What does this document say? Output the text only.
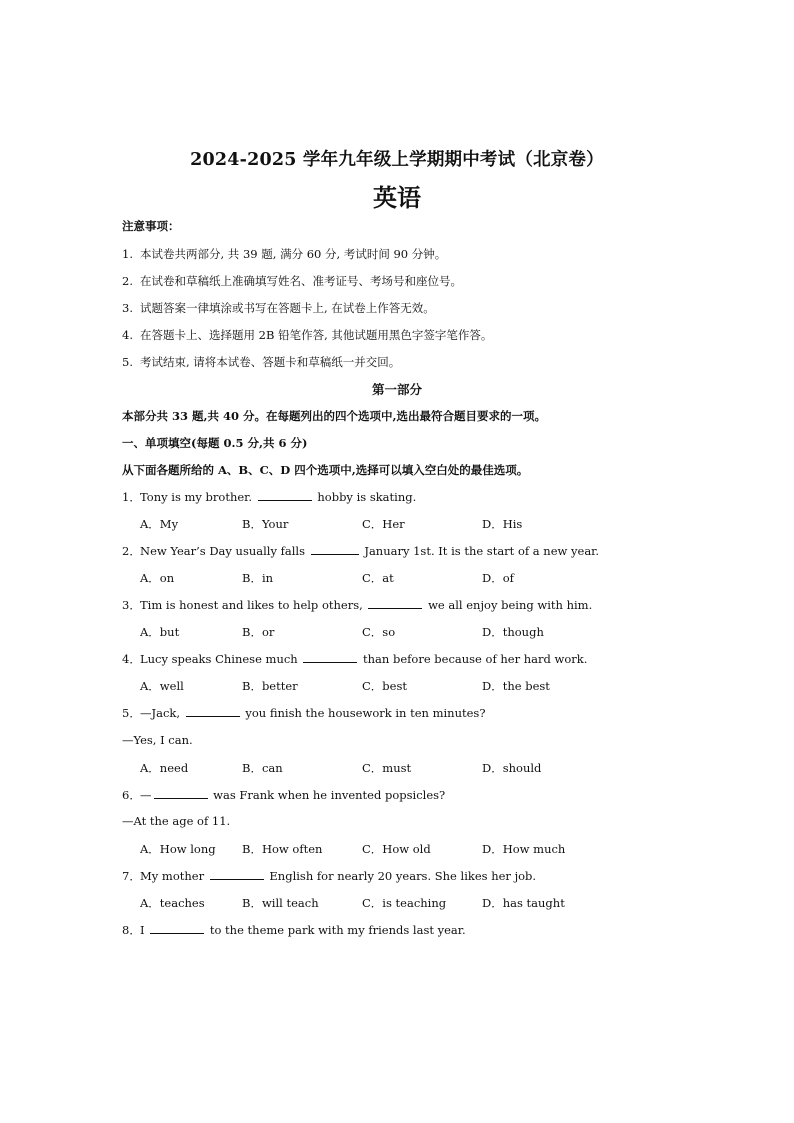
2024-2025 学年九年级上学期期中考试（北京卷）
英语
注意事项：
1. 本试卷共两部分, 共 39 题, 满分 60 分, 考试时间 90 分钟。
2. 在试卷和草稿纸上准确填写姓名、准考证号、考场号和座位号。
3. 试题答案一律填涂或书写在答题卡上, 在试卷上作答无效。
4. 在答题卡上、选择题用 2B 铅笔作答, 其他试题用黑色字签字笔作答。
5. 考试结束, 请将本试卷、答题卡和草稿纸一并交回。
第一部分
本部分共 33 题,共 40 分。在每题列出的四个选项中,选出最符合题目要求的一项。
一、单项填空(每题 0.5 分,共 6 分)
从下面各题所给的 A、B、C、D 四个选项中,选择可以填入空白处的最佳选项。
1．Tony is my brother.	hobby is skating.
A．My	B．Your	C．Her	D．His
2．New Year’s Day usually falls	January 1st. It is the start of a new year.
A．on	B．in	C．at	D．of
3．Tim is honest and likes to help others,	we all enjoy being with him.
A．but	B．or	C．so	D．though
4．Lucy speaks Chinese much	than before because of her hard work.
A．well	B．better	C．best	D．the best
5．—Jack,	you finish the housework in ten minutes?
—Yes, I can.
A．need	B．can	C．must	D．should
6．—	was Frank when he invented popsicles?
—At the age of 11.
A．How long B．How often	C．How old	D．How much
7．My mother	English for nearly 20 years. She likes her job.
A．teaches	B．will teach	C．is teaching	D．has taught
8．I	to the theme park with my friends last year.
